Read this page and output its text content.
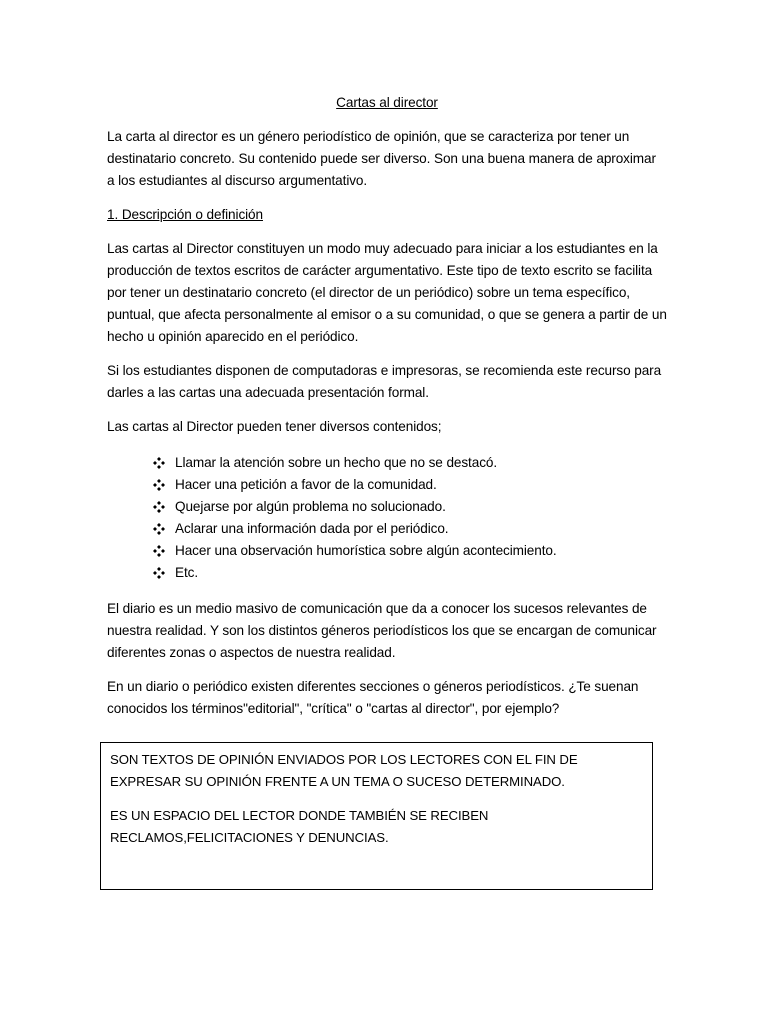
Cartas al director

La carta al director es un género periodístico de opinión, que se caracteriza por tener un destinatario concreto. Su contenido puede ser diverso. Son una buena manera de aproximar a los estudiantes al discurso argumentativo.

1. Descripción o definición

Las cartas al Director constituyen un modo muy adecuado para iniciar a los estudiantes en la producción de textos escritos de carácter argumentativo. Este tipo de texto escrito se facilita por tener un destinatario concreto (el director de un periódico) sobre un tema específico, puntual, que afecta personalmente al emisor o a su comunidad, o que se genera a partir de un hecho u opinión aparecido en el periódico.

Si los estudiantes disponen de computadoras e impresoras, se recomienda este recurso para darles a las cartas una adecuada presentación formal.

Las cartas al Director pueden tener diversos contenidos;

Llamar la atención sobre un hecho que no se destacó.
Hacer una petición a favor de la comunidad.
Quejarse por algún problema no solucionado.
Aclarar una información dada por el periódico.
Hacer una observación humorística sobre algún acontecimiento.
Etc.

El diario es un medio masivo de comunicación que da a conocer los sucesos relevantes de nuestra realidad. Y son los distintos géneros periodísticos los que se encargan de comunicar diferentes zonas o aspectos de nuestra realidad.

En un diario o periódico existen diferentes secciones o géneros periodísticos. ¿Te suenan conocidos los términos"editorial", "crítica" o "cartas al director", por ejemplo?

SON TEXTOS DE OPINIÓN ENVIADOS POR LOS LECTORES CON EL FIN DE EXPRESAR SU OPINIÓN FRENTE A UN TEMA O SUCESO DETERMINADO.

ES UN ESPACIO DEL LECTOR DONDE TAMBIÉN SE RECIBEN RECLAMOS,FELICITACIONES Y DENUNCIAS.
